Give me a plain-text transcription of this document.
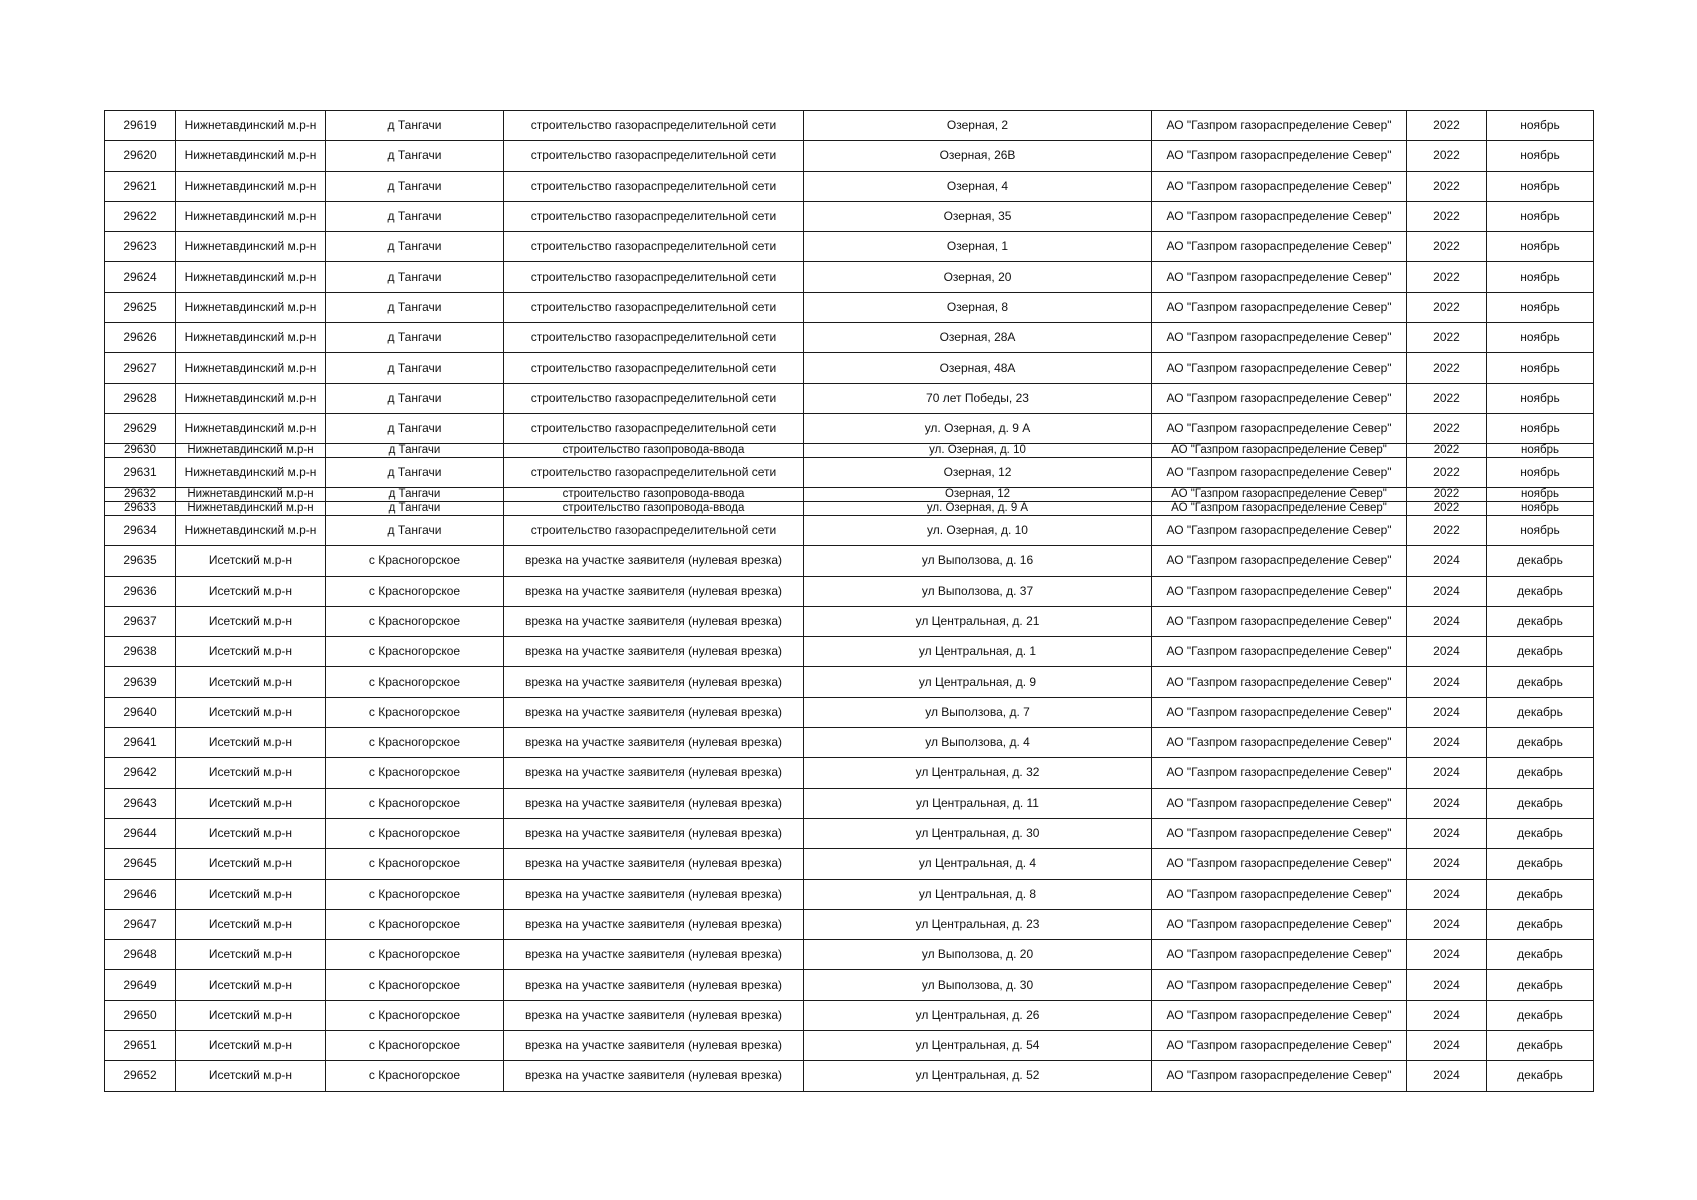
29619	Нижнетавдинский м.р-н	д Тангачи	строительство газораспределительной сети	Озерная, 2	АО "Газпром газораспределение Север"	2022	ноябрь
29620	Нижнетавдинский м.р-н	д Тангачи	строительство газораспределительной сети	Озерная, 26В	АО "Газпром газораспределение Север"	2022	ноябрь
29621	Нижнетавдинский м.р-н	д Тангачи	строительство газораспределительной сети	Озерная, 4	АО "Газпром газораспределение Север"	2022	ноябрь
29622	Нижнетавдинский м.р-н	д Тангачи	строительство газораспределительной сети	Озерная, 35	АО "Газпром газораспределение Север"	2022	ноябрь
29623	Нижнетавдинский м.р-н	д Тангачи	строительство газораспределительной сети	Озерная, 1	АО "Газпром газораспределение Север"	2022	ноябрь
29624	Нижнетавдинский м.р-н	д Тангачи	строительство газораспределительной сети	Озерная, 20	АО "Газпром газораспределение Север"	2022	ноябрь
29625	Нижнетавдинский м.р-н	д Тангачи	строительство газораспределительной сети	Озерная, 8	АО "Газпром газораспределение Север"	2022	ноябрь
29626	Нижнетавдинский м.р-н	д Тангачи	строительство газораспределительной сети	Озерная, 28А	АО "Газпром газораспределение Север"	2022	ноябрь
29627	Нижнетавдинский м.р-н	д Тангачи	строительство газораспределительной сети	Озерная, 48А	АО "Газпром газораспределение Север"	2022	ноябрь
29628	Нижнетавдинский м.р-н	д Тангачи	строительство газораспределительной сети	70 лет Победы, 23	АО "Газпром газораспределение Север"	2022	ноябрь
29629	Нижнетавдинский м.р-н	д Тангачи	строительство газораспределительной сети	ул. Озерная, д. 9 А	АО "Газпром газораспределение Север"	2022	ноябрь
29630	Нижнетавдинский м.р-н	д Тангачи	строительство газопровода-ввода	ул. Озерная, д. 10	АО "Газпром газораспределение Север"	2022	ноябрь
29631	Нижнетавдинский м.р-н	д Тангачи	строительство газораспределительной сети	Озерная, 12	АО "Газпром газораспределение Север"	2022	ноябрь
29632	Нижнетавдинский м.р-н	д Тангачи	строительство газопровода-ввода	Озерная, 12	АО "Газпром газораспределение Север"	2022	ноябрь
29633	Нижнетавдинский м.р-н	д Тангачи	строительство газопровода-ввода	ул. Озерная, д. 9 А	АО "Газпром газораспределение Север"	2022	ноябрь
29634	Нижнетавдинский м.р-н	д Тангачи	строительство газораспределительной сети	ул. Озерная, д. 10	АО "Газпром газораспределение Север"	2022	ноябрь
29635	Исетский м.р-н	с Красногорское	врезка на участке заявителя (нулевая врезка)	ул Выползова, д. 16	АО "Газпром газораспределение Север"	2024	декабрь
29636	Исетский м.р-н	с Красногорское	врезка на участке заявителя (нулевая врезка)	ул Выползова, д. 37	АО "Газпром газораспределение Север"	2024	декабрь
29637	Исетский м.р-н	с Красногорское	врезка на участке заявителя (нулевая врезка)	ул Центральная, д. 21	АО "Газпром газораспределение Север"	2024	декабрь
29638	Исетский м.р-н	с Красногорское	врезка на участке заявителя (нулевая врезка)	ул Центральная, д. 1	АО "Газпром газораспределение Север"	2024	декабрь
29639	Исетский м.р-н	с Красногорское	врезка на участке заявителя (нулевая врезка)	ул Центральная, д. 9	АО "Газпром газораспределение Север"	2024	декабрь
29640	Исетский м.р-н	с Красногорское	врезка на участке заявителя (нулевая врезка)	ул Выползова, д. 7	АО "Газпром газораспределение Север"	2024	декабрь
29641	Исетский м.р-н	с Красногорское	врезка на участке заявителя (нулевая врезка)	ул Выползова, д. 4	АО "Газпром газораспределение Север"	2024	декабрь
29642	Исетский м.р-н	с Красногорское	врезка на участке заявителя (нулевая врезка)	ул Центральная, д. 32	АО "Газпром газораспределение Север"	2024	декабрь
29643	Исетский м.р-н	с Красногорское	врезка на участке заявителя (нулевая врезка)	ул Центральная, д. 11	АО "Газпром газораспределение Север"	2024	декабрь
29644	Исетский м.р-н	с Красногорское	врезка на участке заявителя (нулевая врезка)	ул Центральная, д. 30	АО "Газпром газораспределение Север"	2024	декабрь
29645	Исетский м.р-н	с Красногорское	врезка на участке заявителя (нулевая врезка)	ул Центральная, д. 4	АО "Газпром газораспределение Север"	2024	декабрь
29646	Исетский м.р-н	с Красногорское	врезка на участке заявителя (нулевая врезка)	ул Центральная, д. 8	АО "Газпром газораспределение Север"	2024	декабрь
29647	Исетский м.р-н	с Красногорское	врезка на участке заявителя (нулевая врезка)	ул Центральная, д. 23	АО "Газпром газораспределение Север"	2024	декабрь
29648	Исетский м.р-н	с Красногорское	врезка на участке заявителя (нулевая врезка)	ул Выползова, д. 20	АО "Газпром газораспределение Север"	2024	декабрь
29649	Исетский м.р-н	с Красногорское	врезка на участке заявителя (нулевая врезка)	ул Выползова, д. 30	АО "Газпром газораспределение Север"	2024	декабрь
29650	Исетский м.р-н	с Красногорское	врезка на участке заявителя (нулевая врезка)	ул Центральная, д. 26	АО "Газпром газораспределение Север"	2024	декабрь
29651	Исетский м.р-н	с Красногорское	врезка на участке заявителя (нулевая врезка)	ул Центральная, д. 54	АО "Газпром газораспределение Север"	2024	декабрь
29652	Исетский м.р-н	с Красногорское	врезка на участке заявителя (нулевая врезка)	ул Центральная, д. 52	АО "Газпром газораспределение Север"	2024	декабрь
